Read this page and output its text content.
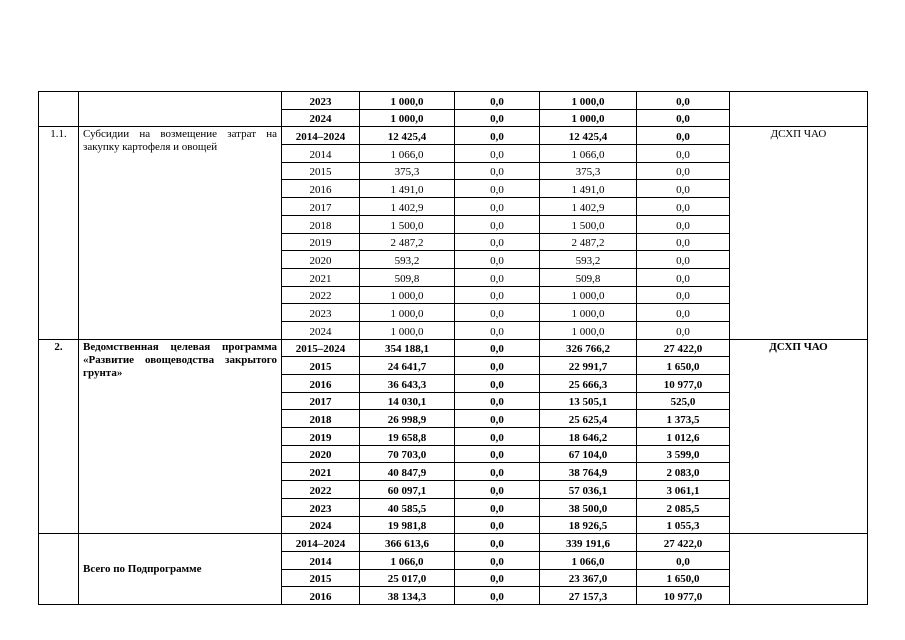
		2023	1 000,0	0,0	1 000,0	0,0	
		2024	1 000,0	0,0	1 000,0	0,0	
1.1.	Субсидии на возмещение затрат на закупку картофеля и овощей	2014–2024	12 425,4	0,0	12 425,4	0,0	ДСХП ЧАО
		2014	1 066,0	0,0	1 066,0	0,0	
		2015	375,3	0,0	375,3	0,0	
		2016	1 491,0	0,0	1 491,0	0,0	
		2017	1 402,9	0,0	1 402,9	0,0	
		2018	1 500,0	0,0	1 500,0	0,0	
		2019	2 487,2	0,0	2 487,2	0,0	
		2020	593,2	0,0	593,2	0,0	
		2021	509,8	0,0	509,8	0,0	
		2022	1 000,0	0,0	1 000,0	0,0	
		2023	1 000,0	0,0	1 000,0	0,0	
		2024	1 000,0	0,0	1 000,0	0,0	
2.	Ведомственная целевая программа «Развитие овощеводства закрытого грунта»	2015–2024	354 188,1	0,0	326 766,2	27 422,0	ДСХП ЧАО
		2015	24 641,7	0,0	22 991,7	1 650,0	
		2016	36 643,3	0,0	25 666,3	10 977,0	
		2017	14 030,1	0,0	13 505,1	525,0	
		2018	26 998,9	0,0	25 625,4	1 373,5	
		2019	19 658,8	0,0	18 646,2	1 012,6	
		2020	70 703,0	0,0	67 104,0	3 599,0	
		2021	40 847,9	0,0	38 764,9	2 083,0	
		2022	60 097,1	0,0	57 036,1	3 061,1	
		2023	40 585,5	0,0	38 500,0	2 085,5	
		2024	19 981,8	0,0	18 926,5	1 055,3	
	Всего по Подпрограмме	2014–2024	366 613,6	0,0	339 191,6	27 422,0	
		2014	1 066,0	0,0	1 066,0	0,0	
		2015	25 017,0	0,0	23 367,0	1 650,0	
		2016	38 134,3	0,0	27 157,3	10 977,0	
